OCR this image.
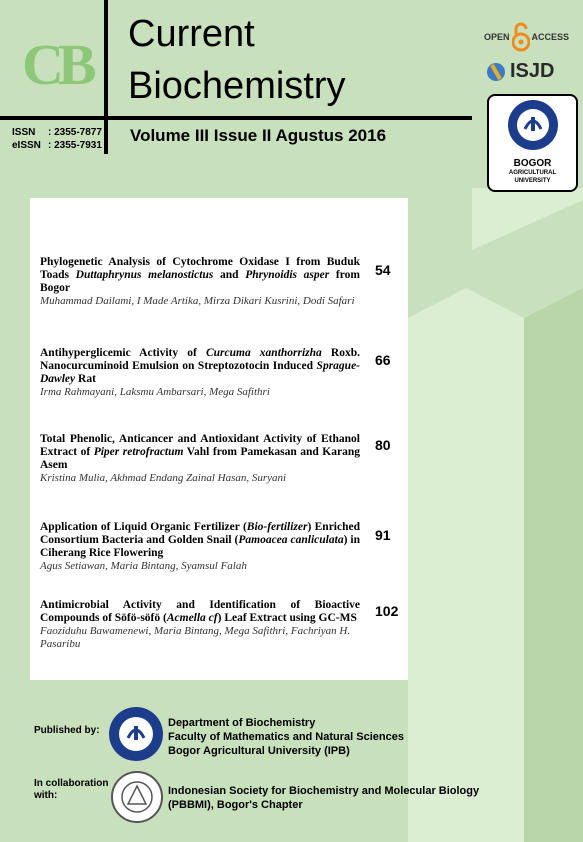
CB Current
Biochemistry
ISSN : 2355-7877
eISSN : 2355-7931
Volume III Issue II Agustus 2016
OPEN ACCESS
ISJD
BOGOR
AGRICULTURAL
UNIVERSITY
Phylogenetic Analysis of Cytochrome Oxidase I from Buduk Toads Duttaphrynus melanostictus and Phrynoidis asper from Bogor
Muhammad Dailami, I Made Artika, Mirza Dikari Kusrini, Dodi Safari
54
Antihyperglicemic Activity of Curcuma xanthorrizha Roxb. Nanocurcuminoid Emulsion on Streptozotocin Induced Sprague-Dawley Rat
Irma Rahmayani, Laksmu Ambarsari, Mega Safithri
66
Total Phenolic, Anticancer and Antioxidant Activity of Ethanol Extract of Piper retrofractum Vahl from Pamekasan and Karang Asem
Kristina Mulia, Akhmad Endang Zainal Hasan, Suryani
80
Application of Liquid Organic Fertilizer (Bio-fertilizer) Enriched Consortium Bacteria and Golden Snail (Pamoacea canliculata) in Ciherang Rice Flowering
Agus Setiawan, Maria Bintang, Syamsul Falah
91
Antimicrobial Activity and Identification of Bioactive Compounds of Söfö-söfö (Acmella cf) Leaf Extract using GC-MS
Faoziduhu Bawamenewi, Maria Bintang, Mega Safithri, Fachriyan H. Pasaribu
102
Published by:
Department of Biochemistry
Faculty of Mathematics and Natural Sciences
Bogor Agricultural University (IPB)
In collaboration
with:	Indonesian Society for Biochemistry and Molecular Biology
(PBBMI), Bogor's Chapter
